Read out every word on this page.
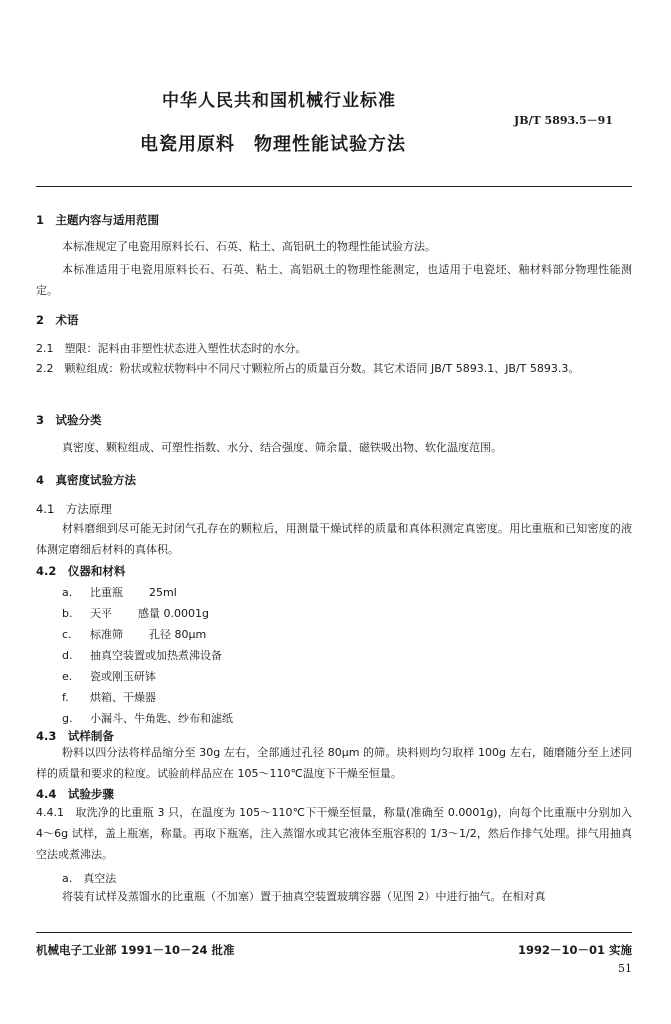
中华人民共和国机械行业标准
JB/T 5893.5－91
电瓷用原料　物理性能试验方法
1　主题内容与适用范围
本标准规定了电瓷用原料长石、石英、粘土、高铝矾土的物理性能试验方法。
本标准适用于电瓷用原料长石、石英、粘土、高铝矾土的物理性能测定，也适用于电瓷坯、釉材料部分物理性能测定。
2　术语
2.1　塑限：泥料由非塑性状态进入塑性状态时的水分。
2.2　颗粒组成：粉状或粒状物料中不同尺寸颗粒所占的质量百分数。其它术语同 JB/T 5893.1、JB/T 5893.3。
3　试验分类
真密度、颗粒组成、可塑性指数、水分、结合强度、筛余量、磁铁吸出物、软化温度范围。
4　真密度试验方法
4.1　方法原理
材料磨细到尽可能无封闭气孔存在的颗粒后，用测量干燥试样的质量和真体积测定真密度。用比重瓶和已知密度的液体测定磨细后材料的真体积。
4.2　仪器和材料
a. 比重瓶 25ml
b. 天平 感量 0.0001g
c. 标准筛 孔径 80μm
d. 抽真空装置或加热煮沸设备
e. 瓷或刚玉研钵
f. 烘箱、干燥器
g. 小漏斗、牛角匙、纱布和滤纸
4.3　试样制备
粉料以四分法将样品缩分至 30g 左右，全部通过孔径 80μm 的筛。块料则均匀取样 100g 左右，随磨随分至上述同样的质量和要求的粒度。试验前样品应在 105～110℃温度下干燥至恒量。
4.4　试验步骤
4.4.1　取洗净的比重瓶 3 只，在温度为 105～110℃下干燥至恒量，称量(准确至 0.0001g)，向每个比重瓶中分别加入 4～6g 试样，盖上瓶塞，称量。再取下瓶塞，注入蒸馏水或其它液体至瓶容积的 1/3～1/2，然后作排气处理。排气用抽真空法或煮沸法。
a.　真空法
将装有试样及蒸馏水的比重瓶（不加塞）置于抽真空装置玻璃容器（见图 2）中进行抽气。在相对真
机械电子工业部 1991－10－24 批准	1992－10－01 实施
51
